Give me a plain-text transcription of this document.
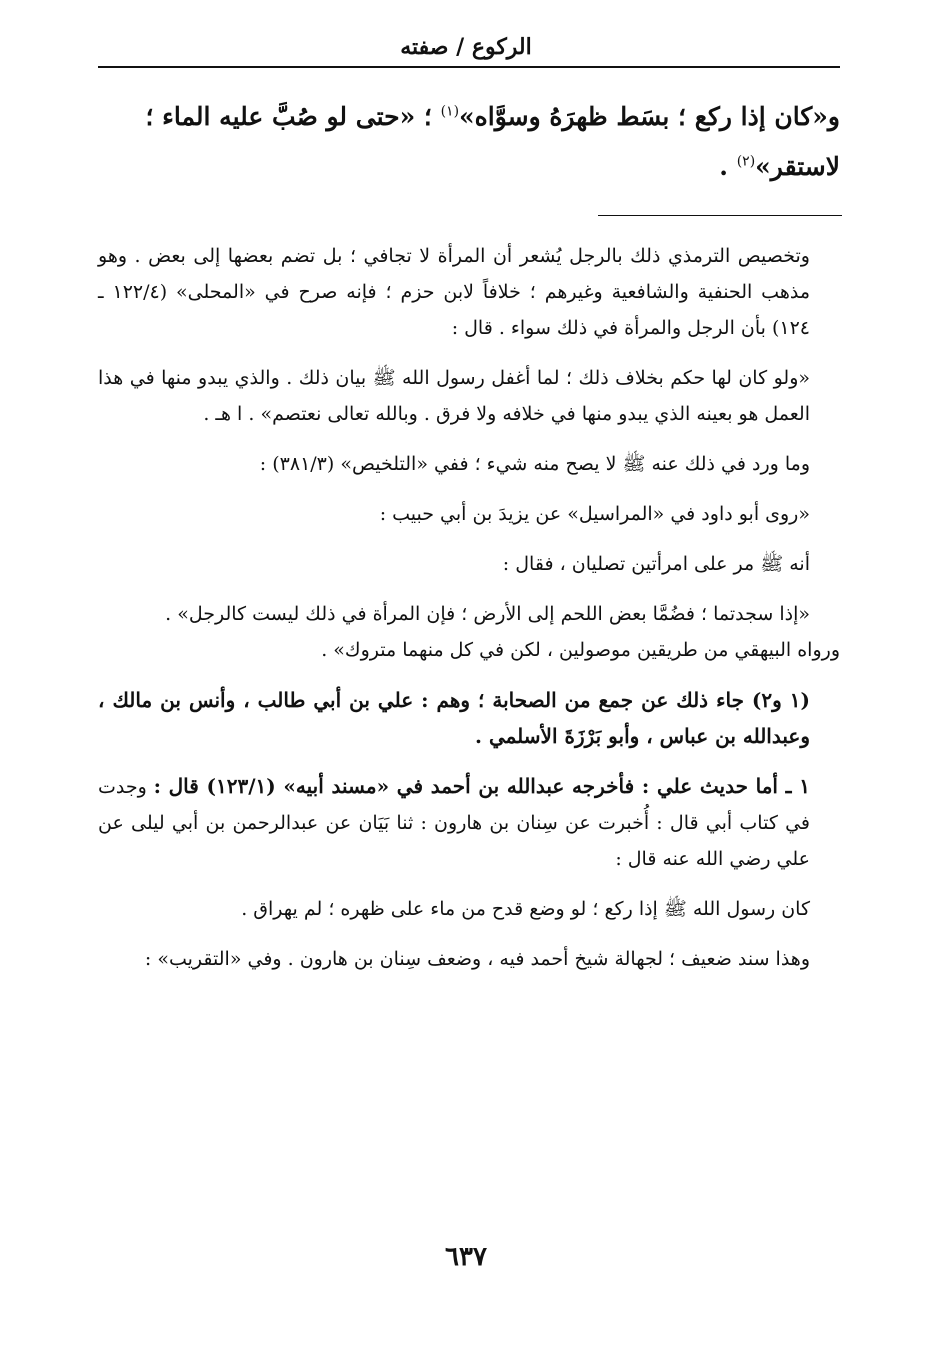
الركوع / صفته
و«كان إذا ركع ؛ بسَط ظهرَهُ وسوَّاه»$^{(١)}$ ؛ «حتى لو صُبَّ عليه الماء ؛
لاستقر»$^{(٢)}$ .

وتخصيص الترمذي ذلك بالرجل يُشعر أن المرأة لا تجافي ؛ بل تضم بعضها إلى بعض . وهو مذهب الحنفية والشافعية وغيرهم ؛ خلافاً لابن حزم ؛ فإنه صرح في «المحلى» (١٢٢/٤ ـ ١٢٤) بأن الرجل والمرأة في ذلك سواء . قال :

«ولو كان لها حكم بخلاف ذلك ؛ لما أغفل رسول الله ﷺ بيان ذلك . والذي يبدو منها في هذا العمل هو بعينه الذي يبدو منها في خلافه ولا فرق . وبالله تعالى نعتصم» . ا هـ .

وما ورد في ذلك عنه ﷺ لا يصح منه شيء ؛ ففي «التلخيص» (٣٨١/٣) :

«روى أبو داود في «المراسيل» عن يزيدَ بن أبي حبيب :

أنه ﷺ مر على امرأتين تصليان ، فقال :

«إذا سجدتما ؛ فضُمَّا بعض اللحم إلى الأرض ؛ فإن المرأة في ذلك ليست كالرجل» .

ورواه البيهقي من طريقين موصولين ، لكن في كل منهما متروك» .

(١ و٢) جاء ذلك عن جمع من الصحابة ؛ وهم : علي بن أبي طالب ، وأنس بن مالك ، وعبدالله بن عباس ، وأبو بَرْزَةَ الأسلمي .

١ ـ أما حديث علي : فأخرجه عبدالله بن أحمد في «مسند أبيه» (١٢٣/١) قال : وجدت في كتاب أبي قال : أُخبرت عن سِنان بن هارون : ثنا بَيَان عن عبدالرحمن بن أبي ليلى عن علي رضي الله عنه قال :

كان رسول الله ﷺ إذا ركع ؛ لو وضع قدح من ماء على ظهره ؛ لم يهراق .

وهذا سند ضعيف ؛ لجهالة شيخ أحمد فيه ، وضعف سِنان بن هارون . وفي «التقريب» :

٦٣٧
